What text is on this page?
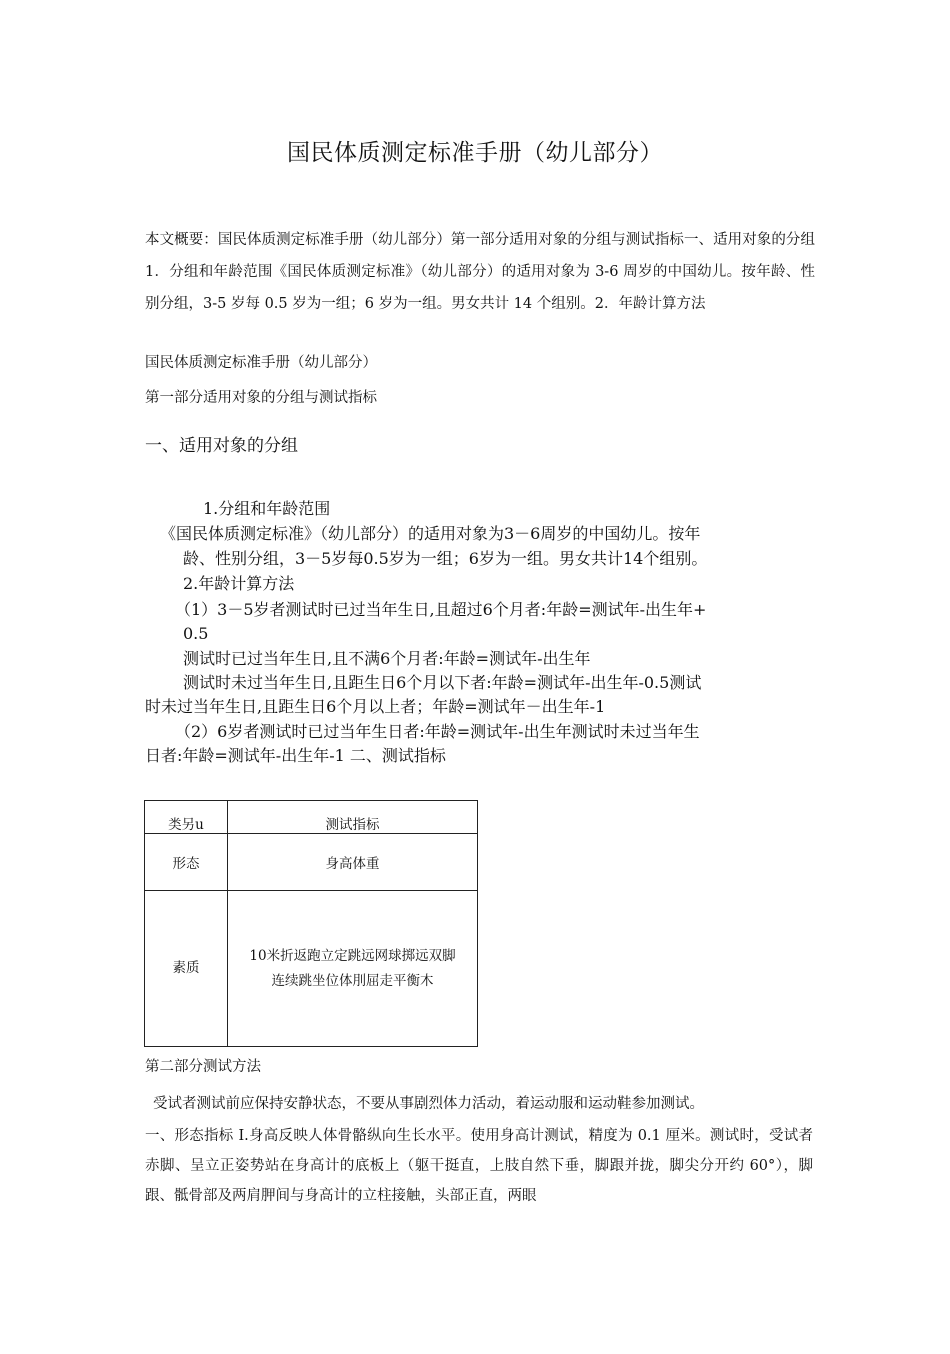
国民体质测定标准手册（幼儿部分）

本文概要：国民体质测定标准手册（幼儿部分）第一部分适用对象的分组与测试指标一、适用对象的分组 1．分组和年龄范围《国民体质测定标准》（幼儿部分）的适用对象为 3-6 周岁的中国幼儿。按年龄、性别分组，3-5 岁每 0.5 岁为一组；6 岁为一组。男女共计 14 个组别。2．年龄计算方法

国民体质测定标准手册（幼儿部分）

第一部分适用对象的分组与测试指标

一、适用对象的分组

1.分组和年龄范围

《国民体质测定标准》（幼儿部分）的适用对象为3－6周岁的中国幼儿。按年

龄、性别分组，3－5岁每0.5岁为一组；6岁为一组。男女共计14个组别。

2.年龄计算方法

（1）3－5岁者测试时已过当年生日,且超过6个月者:年龄=测试年-出生年+

0.5

测试时已过当年生日,且不满6个月者:年龄=测试年-出生年

测试时未过当年生日,且距生日6个月以下者:年龄=测试年-出生年-0.5测试

时未过当年生日,且距生日6个月以上者；年龄=测试年－出生年-1

（2）6岁者测试时已过当年生日者:年龄=测试年-出生年测试时未过当年生

日者:年龄=测试年-出生年-1 二、测试指标

类另u	测试指标
形态	身高体重
素质	10米折返跑立定跳远网球掷远双脚
连续跳坐位体刖屈走平衡木

第二部分测试方法

受试者测试前应保持安静状态，不要从事剧烈体力活动，着运动服和运动鞋参加测试。

一、形态指标 I.身高反映人体骨骼纵向生长水平。使用身高计测试，精度为 0.1 厘米。测试时，受试者赤脚、呈立正姿势站在身高计的底板上（躯干挺直，上肢自然下垂，脚跟并拢，脚尖分开约 60°），脚跟、骶骨部及两肩胛间与身高计的立柱接触，头部正直，两眼
